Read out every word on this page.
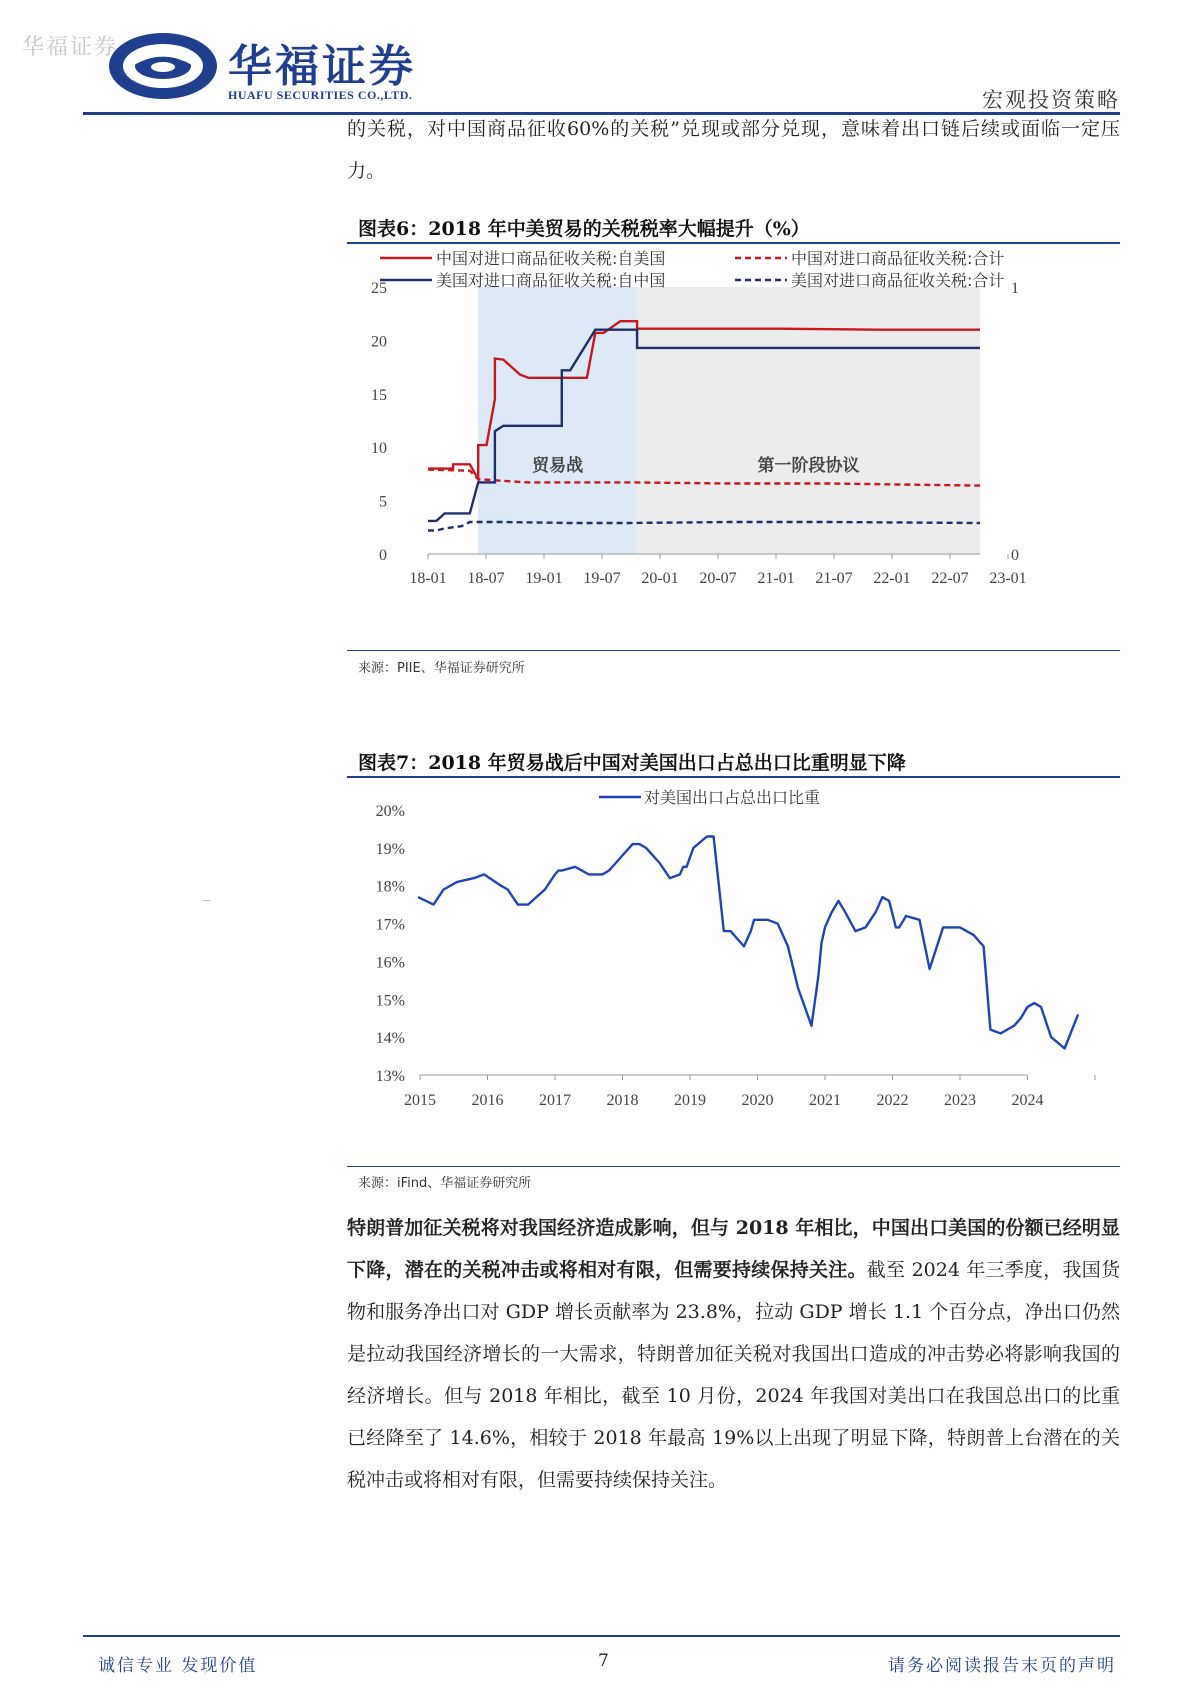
华福证券 华福证券
HUAFU SECURITIES CO.,LTD.	宏观投资策略
的关税，对中国商品征收60%的关税”兑现或部分兑现，意味着出口链后续或面临一定压力。
图表6：2018 年中美贸易的关税税率大幅提升（%）
贸易战	第一阶段协议
0
5
10
15
20
25
0
1
18-01 18-07 19-01 19-07 20-01 20-07 21-01 21-07 22-01 22-07 23-01
中国对进口商品征收关税:自美国	中国对进口商品征收关税:合计
美国对进口商品征收关税:自中国	美国对进口商品征收关税:合计
来源：PIIE、华福证券研究所
图表7：2018 年贸易战后中国对美国出口占总出口比重明显下降
13%
14%
15%
16%
17%
18%
19%
20%
2015 2016 2017 2018 2019 2020 2021 2022 2023 2024
对美国出口占总出口比重
来源：iFind、华福证券研究所
特朗普加征关税将对我国经济造成影响，但与 2018 年相比，中国出口美国的份额已经明显下降，潜在的关税冲击或将相对有限，但需要持续保持关注。截至 2024 年三季度，我国货物和服务净出口对 GDP 增长贡献率为 23.8%，拉动 GDP 增长 1.1 个百分点，净出口仍然是拉动我国经济增长的一大需求，特朗普加征关税对我国出口造成的冲击势必将影响我国的经济增长。但与 2018 年相比，截至 10 月份，2024 年我国对美出口在我国总出口的比重已经降至了 14.6%，相较于 2018 年最高 19%以上出现了明显下降，特朗普上台潜在的关税冲击或将相对有限，但需要持续保持关注。
诚信专业 发现价值	7	请务必阅读报告末页的声明
